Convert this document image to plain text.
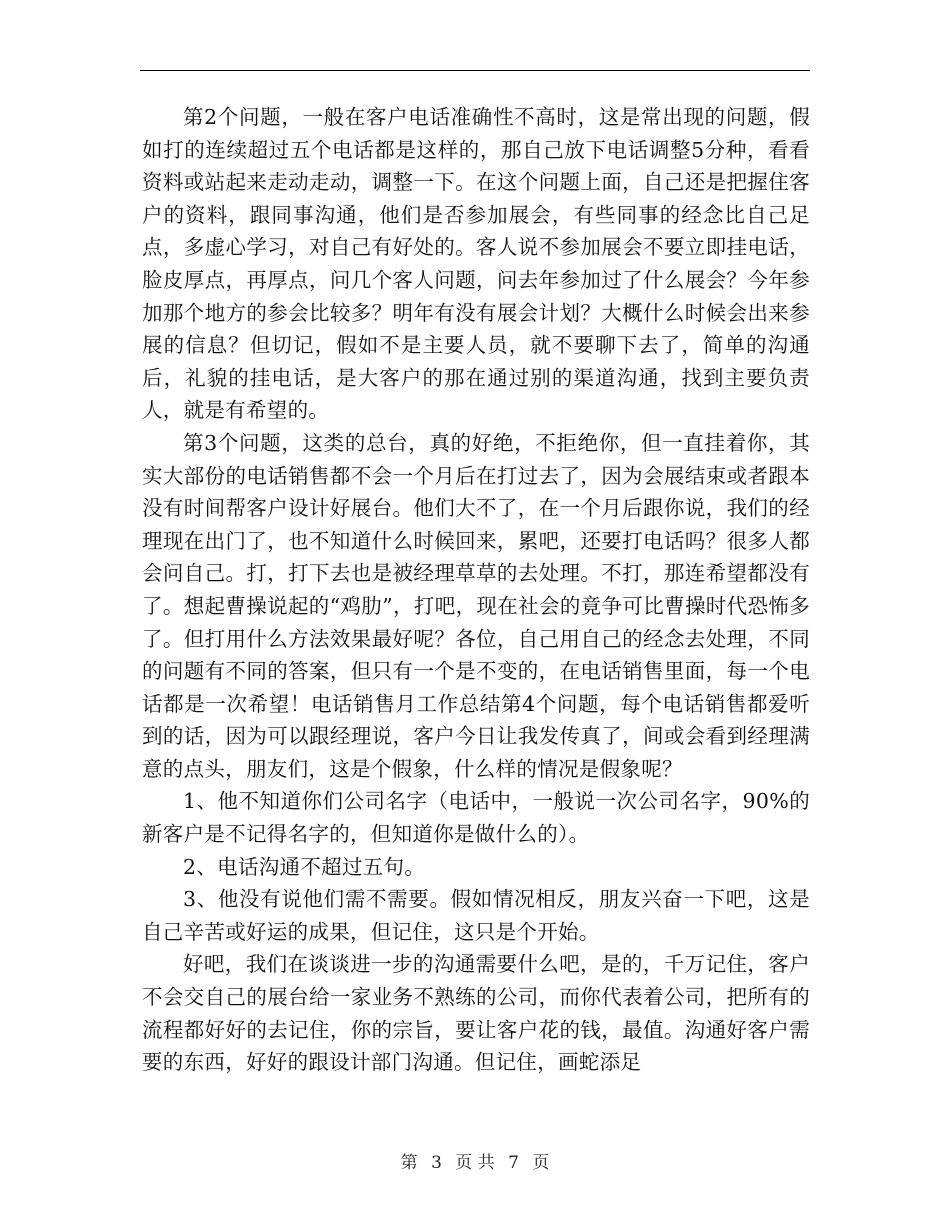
第2个问题，一般在客户电话准确性不高时，这是常出现的问题，假如打的连续超过五个电话都是这样的，那自己放下电话调整5分种，看看资料或站起来走动走动，调整一下。在这个问题上面，自己还是把握住客户的资料，跟同事沟通，他们是否参加展会，有些同事的经念比自己足点，多虚心学习，对自己有好处的。客人说不参加展会不要立即挂电话，脸皮厚点，再厚点，问几个客人问题，问去年参加过了什么展会？今年参加那个地方的参会比较多？明年有没有展会计划？大概什么时候会出来参展的信息？但切记，假如不是主要人员，就不要聊下去了，简单的沟通后，礼貌的挂电话，是大客户的那在通过别的渠道沟通，找到主要负责人，就是有希望的。

第3个问题，这类的总台，真的好绝，不拒绝你，但一直挂着你，其实大部份的电话销售都不会一个月后在打过去了，因为会展结束或者跟本没有时间帮客户设计好展台。他们大不了，在一个月后跟你说，我们的经理现在出门了，也不知道什么时候回来，累吧，还要打电话吗？很多人都会问自己。打，打下去也是被经理草草的去处理。不打，那连希望都没有了。想起曹操说起的“鸡肋”，打吧，现在社会的竟争可比曹操时代恐怖多了。但打用什么方法效果最好呢？各位，自己用自己的经念去处理，不同的问题有不同的答案，但只有一个是不变的，在电话销售里面，每一个电话都是一次希望！电话销售月工作总结第4个问题，每个电话销售都爱听到的话，因为可以跟经理说，客户今日让我发传真了，间或会看到经理满意的点头，朋友们，这是个假象，什么样的情况是假象呢？

1、他不知道你们公司名字（电话中，一般说一次公司名字，90%的新客户是不记得名字的，但知道你是做什么的）。

2、电话沟通不超过五句。

3、他没有说他们需不需要。假如情况相反，朋友兴奋一下吧，这是自己辛苦或好运的成果，但记住，这只是个开始。

好吧，我们在谈谈进一步的沟通需要什么吧，是的，千万记住，客户不会交自己的展台给一家业务不熟练的公司，而你代表着公司，把所有的流程都好好的去记住，你的宗旨，要让客户花的钱，最值。沟通好客户需要的东西，好好的跟设计部门沟通。但记住，画蛇添足

第 3 页 共 7 页
